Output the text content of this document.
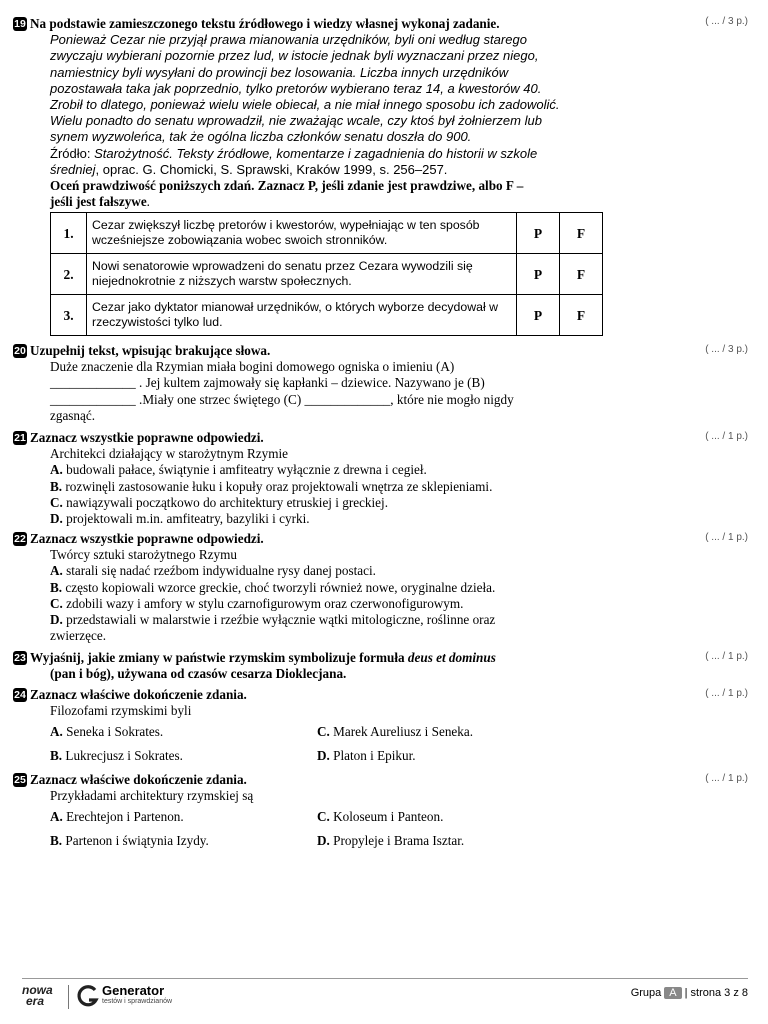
19 Na podstawie zamieszczonego tekstu źródłowego i wiedzy własnej wykonaj zadanie.
Ponieważ Cezar nie przyjął prawa mianowania urzędników, byli oni według starego
zwyczaju wybierani pozornie przez lud, w istocie jednak byli wyznaczani przez niego,
namiestnicy byli wysyłani do prowincji bez losowania. Liczba innych urzędników
pozostawała taka jak poprzednio, tylko pretorów wybierano teraz 14, a kwestorów 40.
Zrobił to dlatego, ponieważ wielu wiele obiecał, a nie miał innego sposobu ich zadowolić.
Wielu ponadto do senatu wprowadził, nie zważając wcale, czy ktoś był żołnierzem lub
synem wyzwoleńca, tak że ogólna liczba członków senatu doszła do 900.
Źródło: Starożytność. Teksty źródłowe, komentarze i zagadnienia do historii w szkole
średniej, oprac. G. Chomicki, S. Sprawski, Kraków 1999, s. 256–257.
Oceń prawdziwość poniższych zdań. Zaznacz P, jeśli zdanie jest prawdziwe, albo F –
jeśli jest fałszywe.
1.	Cezar zwiększył liczbę pretorów i kwestorów, wypełniając w ten sposób wcześniejsze zobowiązania wobec swoich stronników.	P	F
2.	Nowi senatorowie wprowadzeni do senatu przez Cezara wywodzili się niejednokrotnie z niższych warstw społecznych.	P	F
3.	Cezar jako dyktator mianował urzędników, o których wyborze decydował w rzeczywistości tylko lud.	P	F
( ... / 3 p.)
20 Uzupełnij tekst, wpisując brakujące słowa.
Duże znaczenie dla Rzymian miała bogini domowego ogniska o imieniu (A)
_____________ . Jej kultem zajmowały się kapłanki – dziewice. Nazywano je (B)
_____________ .Miały one strzec świętego (C) _____________, które nie mogło nigdy
zgasnąć.
( ... / 3 p.)
21 Zaznacz wszystkie poprawne odpowiedzi.
Architekci działający w starożytnym Rzymie
A. budowali pałace, świątynie i amfiteatry wyłącznie z drewna i cegieł.
B. rozwinęli zastosowanie łuku i kopuły oraz projektowali wnętrza ze sklepieniami.
C. nawiązywali początkowo do architektury etruskiej i greckiej.
D. projektowali m.in. amfiteatry, bazyliki i cyrki.
( ... / 1 p.)
22 Zaznacz wszystkie poprawne odpowiedzi.
Twórcy sztuki starożytnego Rzymu
A. starali się nadać rzeźbom indywidualne rysy danej postaci.
B. często kopiowali wzorce greckie, choć tworzyli również nowe, oryginalne dzieła.
C. zdobili wazy i amfory w stylu czarnofigurowym oraz czerwonofigurowym.
D. przedstawiali w malarstwie i rzeźbie wyłącznie wątki mitologiczne, roślinne oraz
zwierzęce.
( ... / 1 p.)
23 Wyjaśnij, jakie zmiany w państwie rzymskim symbolizuje formuła deus et dominus
(pan i bóg), używana od czasów cesarza Dioklecjana.
( ... / 1 p.)
24 Zaznacz właściwe dokończenie zdania.
Filozofami rzymskimi byli
A. Seneka i Sokrates.	C. Marek Aureliusz i Seneka.
B. Lukrecjusz i Sokrates.	D. Platon i Epikur.
( ... / 1 p.)
25 Zaznacz właściwe dokończenie zdania.
Przykładami architektury rzymskiej są
A. Erechtejon i Partenon.	C. Koloseum i Panteon.
B. Partenon i świątynia Izydy.	D. Propyleje i Brama Isztar.
( ... / 1 p.)
nowa
era
Generator
testów i sprawdzianów
Grupa A | strona 3 z 8
